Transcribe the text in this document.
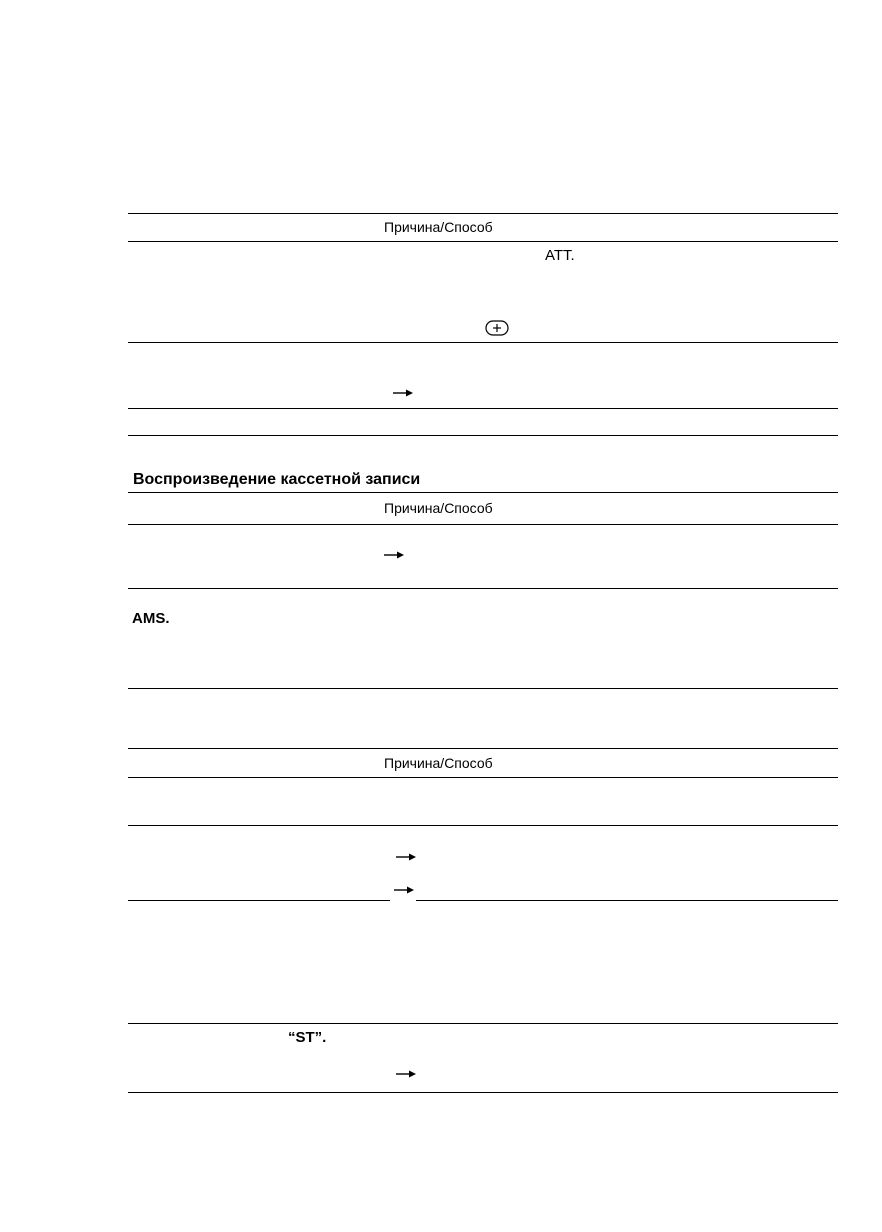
Причина/Способ
ATT.
Воспроизведение кассетной записи
Причина/Способ
AMS.
Причина/Способ
“ST”.
